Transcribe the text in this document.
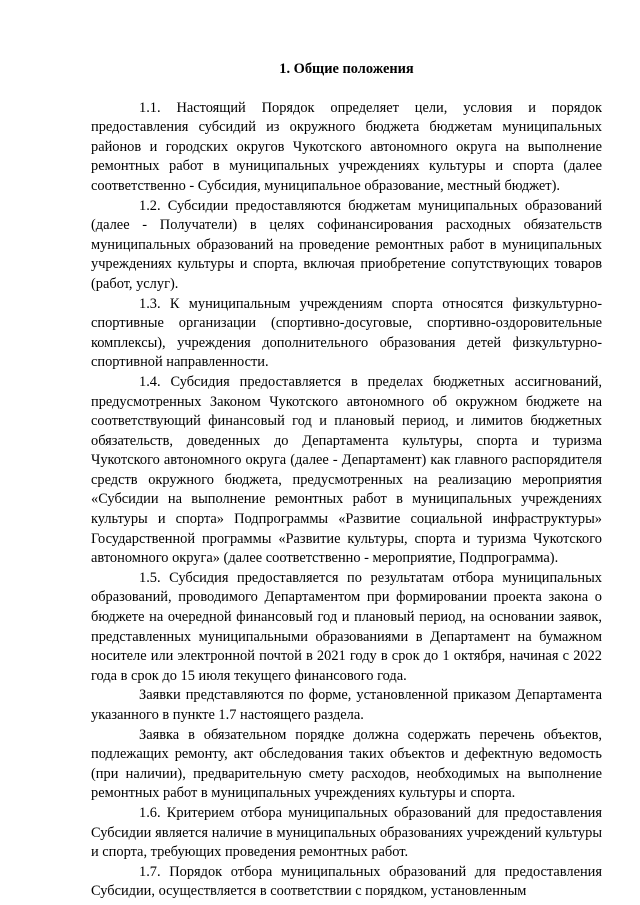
1. Общие положения

1.1. Настоящий Порядок определяет цели, условия и порядок предоставления субсидий из окружного бюджета бюджетам муниципальных районов и городских округов Чукотского автономного округа на выполнение ремонтных работ в муниципальных учреждениях культуры и спорта (далее соответственно - Субсидия, муниципальное образование, местный бюджет).

1.2. Субсидии предоставляются бюджетам муниципальных образований (далее - Получатели) в целях софинансирования расходных обязательств муниципальных образований на проведение ремонтных работ в муниципальных учреждениях культуры и спорта, включая приобретение сопутствующих товаров (работ, услуг).

1.3. К муниципальным учреждениям спорта относятся физкультурно-спортивные организации (спортивно-досуговые, спортивно-оздоровительные комплексы), учреждения дополнительного образования детей физкультурно-спортивной направленности.

1.4. Субсидия предоставляется в пределах бюджетных ассигнований, предусмотренных Законом Чукотского автономного об окружном бюджете на соответствующий финансовый год и плановый период, и лимитов бюджетных обязательств, доведенных до Департамента культуры, спорта и туризма Чукотского автономного округа (далее - Департамент) как главного распорядителя средств окружного бюджета, предусмотренных на реализацию мероприятия «Субсидии на выполнение ремонтных работ в муниципальных учреждениях культуры и спорта» Подпрограммы «Развитие социальной инфраструктуры» Государственной программы «Развитие культуры, спорта и туризма Чукотского автономного округа» (далее соответственно - мероприятие, Подпрограмма).

1.5. Субсидия предоставляется по результатам отбора муниципальных образований, проводимого Департаментом при формировании проекта закона о бюджете на очередной финансовый год и плановый период, на основании заявок, представленных муниципальными образованиями в Департамент на бумажном носителе или электронной почтой в 2021 году в срок до 1 октября, начиная с 2022 года в срок до 15 июля текущего финансового года.

Заявки представляются по форме, установленной приказом Департамента указанного в пункте 1.7 настоящего раздела.

Заявка в обязательном порядке должна содержать перечень объектов, подлежащих ремонту, акт обследования таких объектов и дефектную ведомость (при наличии), предварительную смету расходов, необходимых на выполнение ремонтных работ в муниципальных учреждениях культуры и спорта.

1.6. Критерием отбора муниципальных образований для предоставления Субсидии является наличие в муниципальных образованиях учреждений культуры и спорта, требующих проведения ремонтных работ.

1.7. Порядок отбора муниципальных образований для предоставления Субсидии, осуществляется в соответствии с порядком, установленным
